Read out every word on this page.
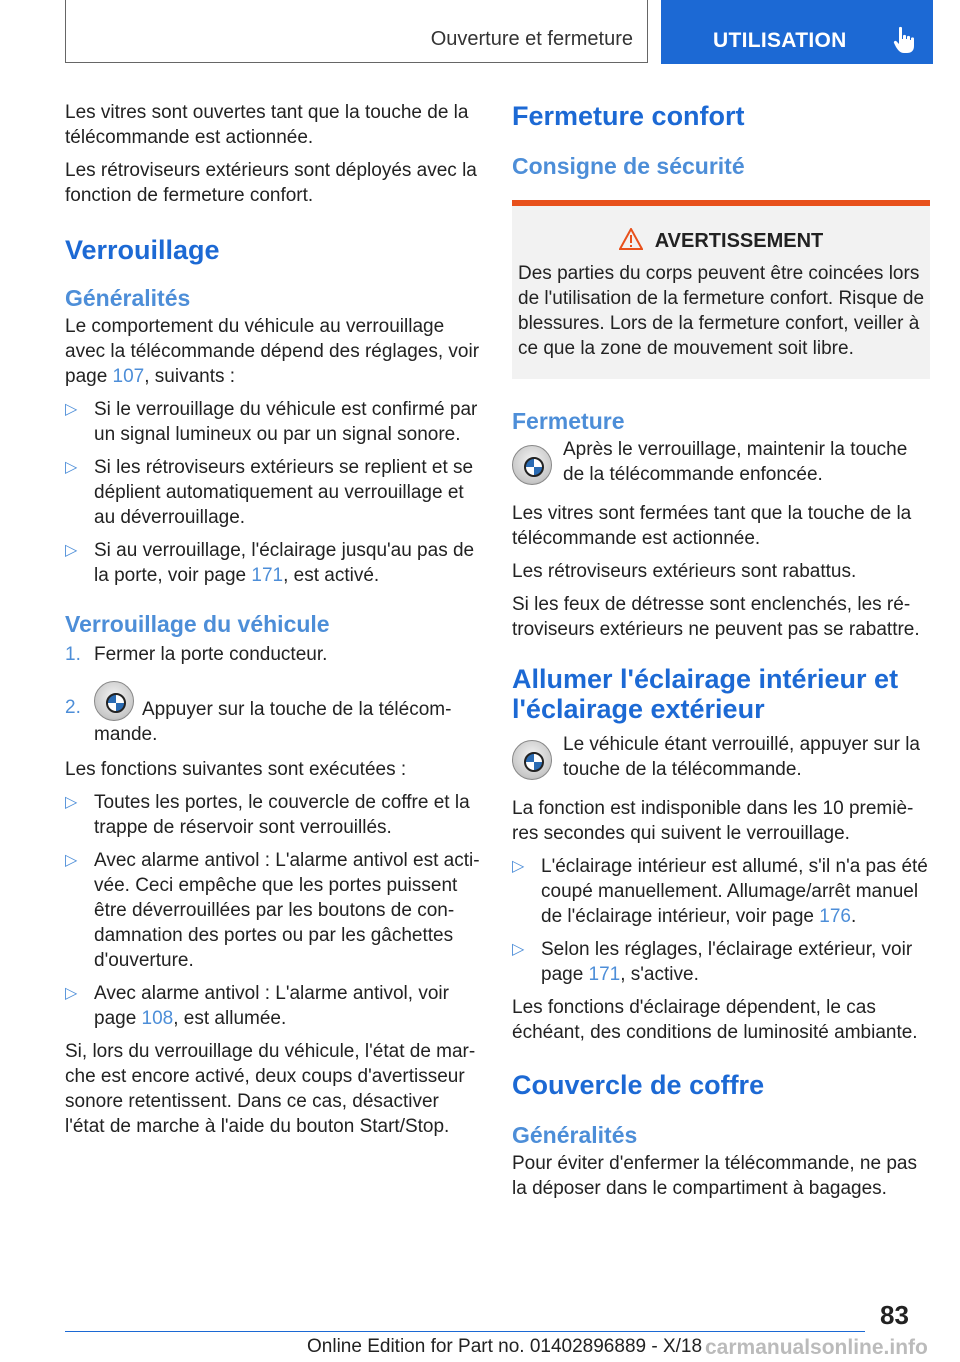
Ouverture et fermeture	UTILISATION

Les vitres sont ouvertes tant que la touche de la télécommande est actionnée.

Les rétroviseurs extérieurs sont déployés avec la fonction de fermeture confort.

Verrouillage
Généralités

Le comportement du véhicule au verrouillage avec la télécommande dépend des réglages, voir page 107, suivants :

▷ Si le verrouillage du véhicule est confirmé par un signal lumineux ou par un signal sonore.
▷ Si les rétroviseurs extérieurs se replient et se déplient automatiquement au verrouillage et au déverrouillage.
▷ Si au verrouillage, l'éclairage jusqu'au pas de la porte, voir page 171, est activé.
Verrouillage du véhicule
1. Fermer la porte conducteur.
2.	Appuyer sur la touche de la télécommande.

Les fonctions suivantes sont exécutées :

▷ Toutes les portes, le couvercle de coffre et la trappe de réservoir sont verrouillés.
▷ Avec alarme antivol : L'alarme antivol est activée. Ceci empêche que les portes puissent être déverrouillées par les boutons de condamnation des portes ou par les gâchettes d'ouverture.
▷ Avec alarme antivol : L'alarme antivol, voir page 108, est allumée.

Si, lors du verrouillage du véhicule, l'état de marche est encore activé, deux coups d'avertisseur sonore retentissent. Dans ce cas, désactiver l'état de marche à l'aide du bouton Start/Stop.

Fermeture confort
Consigne de sécurité
AVERTISSEMENT

Des parties du corps peuvent être coincées lors de l'utilisation de la fermeture confort. Risque de blessures. Lors de la fermeture confort, veiller à ce que la zone de mouvement soit libre.

Fermeture

Après le verrouillage, maintenir la touche de la télécommande enfoncée.

Les vitres sont fermées tant que la touche de la télécommande est actionnée.

Les rétroviseurs extérieurs sont rabattus.

Si les feux de détresse sont enclenchés, les rétroviseurs extérieurs ne peuvent pas se rabattre.

Allumer l'éclairage intérieur et l'éclairage extérieur

Le véhicule étant verrouillé, appuyer sur la touche de la télécommande.

La fonction est indisponible dans les 10 premières secondes qui suivent le verrouillage.

▷ L'éclairage intérieur est allumé, s'il n'a pas été coupé manuellement. Allumage/arrêt manuel de l'éclairage intérieur, voir page 176.
▷ Selon les réglages, l'éclairage extérieur, voir page 171, s'active.

Les fonctions d'éclairage dépendent, le cas échéant, des conditions de luminosité ambiante.

Couvercle de coffre
Généralités

Pour éviter d'enfermer la télécommande, ne pas la déposer dans le compartiment à bagages.

83
Online Edition for Part no. 01402896889 - X/18 carmanualsonline.info
